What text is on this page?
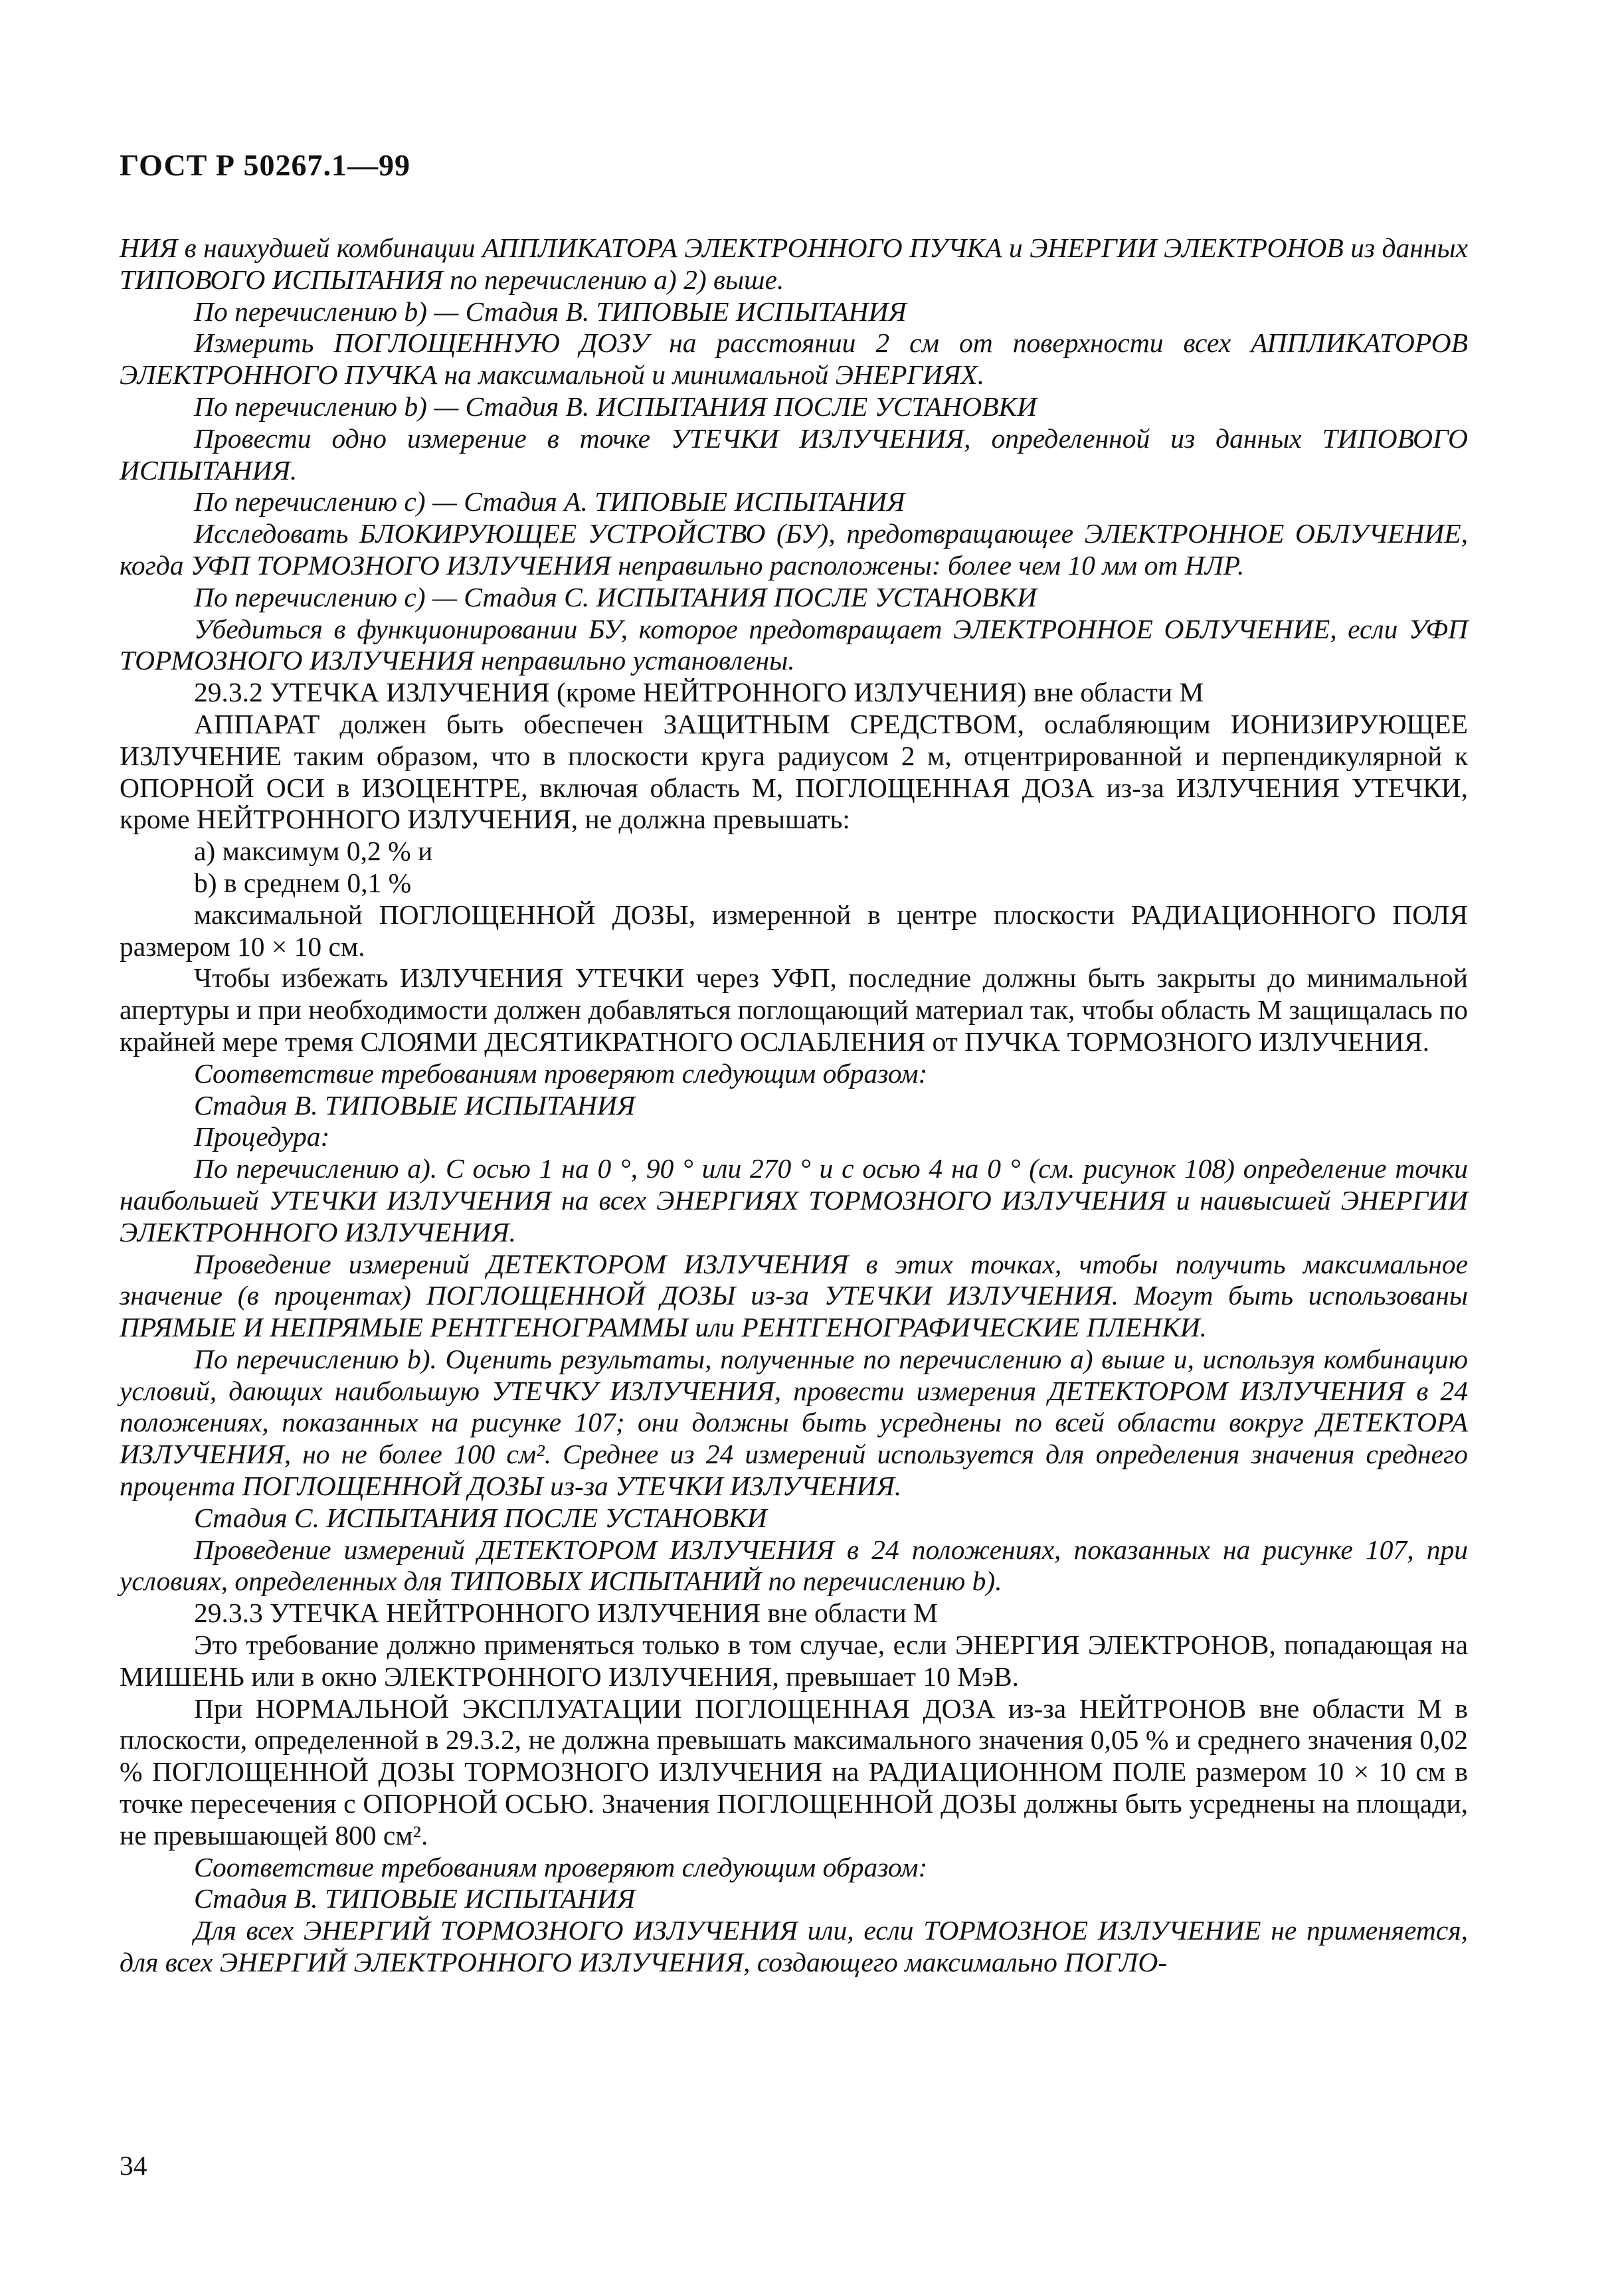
ГОСТ Р 50267.1—99

НИЯ в наихудшей комбинации АППЛИКАТОРА ЭЛЕКТРОННОГО ПУЧКА и ЭНЕРГИИ ЭЛЕКТРОНОВ из данных ТИПОВОГО ИСПЫТАНИЯ по перечислению а) 2) выше.

По перечислению b) — Стадия В. ТИПОВЫЕ ИСПЫТАНИЯ

Измерить ПОГЛОЩЕННУЮ ДОЗУ на расстоянии 2 см от поверхности всех АППЛИКАТОРОВ ЭЛЕКТРОННОГО ПУЧКА на максимальной и минимальной ЭНЕРГИЯХ.

По перечислению b) — Стадия В. ИСПЫТАНИЯ ПОСЛЕ УСТАНОВКИ

Провести одно измерение в точке УТЕЧКИ ИЗЛУЧЕНИЯ, определенной из данных ТИПОВОГО ИСПЫТАНИЯ.

По перечислению с) — Стадия А. ТИПОВЫЕ ИСПЫТАНИЯ

Исследовать БЛОКИРУЮЩЕЕ УСТРОЙСТВО (БУ), предотвращающее ЭЛЕКТРОННОЕ ОБЛУЧЕНИЕ, когда УФП ТОРМОЗНОГО ИЗЛУЧЕНИЯ неправильно расположены: более чем 10 мм от НЛР.

По перечислению с) — Стадия С. ИСПЫТАНИЯ ПОСЛЕ УСТАНОВКИ

Убедиться в функционировании БУ, которое предотвращает ЭЛЕКТРОННОЕ ОБЛУЧЕНИЕ, если УФП ТОРМОЗНОГО ИЗЛУЧЕНИЯ неправильно установлены.

29.3.2 УТЕЧКА ИЗЛУЧЕНИЯ (кроме НЕЙТРОННОГО ИЗЛУЧЕНИЯ) вне области М

АППАРАТ должен быть обеспечен ЗАЩИТНЫМ СРЕДСТВОМ, ослабляющим ИОНИЗИРУЮЩЕЕ ИЗЛУЧЕНИЕ таким образом, что в плоскости круга радиусом 2 м, отцентрированной и перпендикулярной к ОПОРНОЙ ОСИ в ИЗОЦЕНТРЕ, включая область М, ПОГЛОЩЕННАЯ ДОЗА из-за ИЗЛУЧЕНИЯ УТЕЧКИ, кроме НЕЙТРОННОГО ИЗЛУЧЕНИЯ, не должна превышать:

а) максимум 0,2 % и

b) в среднем 0,1 %

максимальной ПОГЛОЩЕННОЙ ДОЗЫ, измеренной в центре плоскости РАДИАЦИОННОГО ПОЛЯ размером 10 × 10 см.

Чтобы избежать ИЗЛУЧЕНИЯ УТЕЧКИ через УФП, последние должны быть закрыты до минимальной апертуры и при необходимости должен добавляться поглощающий материал так, чтобы область М защищалась по крайней мере тремя СЛОЯМИ ДЕСЯТИКРАТНОГО ОСЛАБЛЕНИЯ от ПУЧКА ТОРМОЗНОГО ИЗЛУЧЕНИЯ.

Соответствие требованиям проверяют следующим образом:

Стадия В. ТИПОВЫЕ ИСПЫТАНИЯ

Процедура:

По перечислению а). С осью 1 на 0 °, 90 ° или 270 ° и с осью 4 на 0 ° (см. рисунок 108) определение точки наибольшей УТЕЧКИ ИЗЛУЧЕНИЯ на всех ЭНЕРГИЯХ ТОРМОЗНОГО ИЗЛУЧЕНИЯ и наивысшей ЭНЕРГИИ ЭЛЕКТРОННОГО ИЗЛУЧЕНИЯ.

Проведение измерений ДЕТЕКТОРОМ ИЗЛУЧЕНИЯ в этих точках, чтобы получить максимальное значение (в процентах) ПОГЛОЩЕННОЙ ДОЗЫ из-за УТЕЧКИ ИЗЛУЧЕНИЯ. Могут быть использованы ПРЯМЫЕ И НЕПРЯМЫЕ РЕНТГЕНОГРАММЫ или РЕНТГЕНОГРАФИЧЕСКИЕ ПЛЕНКИ.

По перечислению b). Оценить результаты, полученные по перечислению а) выше и, используя комбинацию условий, дающих наибольшую УТЕЧКУ ИЗЛУЧЕНИЯ, провести измерения ДЕТЕКТОРОМ ИЗЛУЧЕНИЯ в 24 положениях, показанных на рисунке 107; они должны быть усреднены по всей области вокруг ДЕТЕКТОРА ИЗЛУЧЕНИЯ, но не более 100 см². Среднее из 24 измерений используется для определения значения среднего процента ПОГЛОЩЕННОЙ ДОЗЫ из-за УТЕЧКИ ИЗЛУЧЕНИЯ.

Стадия С. ИСПЫТАНИЯ ПОСЛЕ УСТАНОВКИ

Проведение измерений ДЕТЕКТОРОМ ИЗЛУЧЕНИЯ в 24 положениях, показанных на рисунке 107, при условиях, определенных для ТИПОВЫХ ИСПЫТАНИЙ по перечислению b).

29.3.3 УТЕЧКА НЕЙТРОННОГО ИЗЛУЧЕНИЯ вне области М

Это требование должно применяться только в том случае, если ЭНЕРГИЯ ЭЛЕКТРОНОВ, попадающая на МИШЕНЬ или в окно ЭЛЕКТРОННОГО ИЗЛУЧЕНИЯ, превышает 10 МэВ.

При НОРМАЛЬНОЙ ЭКСПЛУАТАЦИИ ПОГЛОЩЕННАЯ ДОЗА из-за НЕЙТРОНОВ вне области М в плоскости, определенной в 29.3.2, не должна превышать максимального значения 0,05 % и среднего значения 0,02 % ПОГЛОЩЕННОЙ ДОЗЫ ТОРМОЗНОГО ИЗЛУЧЕНИЯ на РАДИАЦИОННОМ ПОЛЕ размером 10 × 10 см в точке пересечения с ОПОРНОЙ ОСЬЮ. Значения ПОГЛОЩЕННОЙ ДОЗЫ должны быть усреднены на площади, не превышающей 800 см².

Соответствие требованиям проверяют следующим образом:

Стадия В. ТИПОВЫЕ ИСПЫТАНИЯ

Для всех ЭНЕРГИЙ ТОРМОЗНОГО ИЗЛУЧЕНИЯ или, если ТОРМОЗНОЕ ИЗЛУЧЕНИЕ не применяется, для всех ЭНЕРГИЙ ЭЛЕКТРОННОГО ИЗЛУЧЕНИЯ, создающего максимально ПОГЛО-

34
